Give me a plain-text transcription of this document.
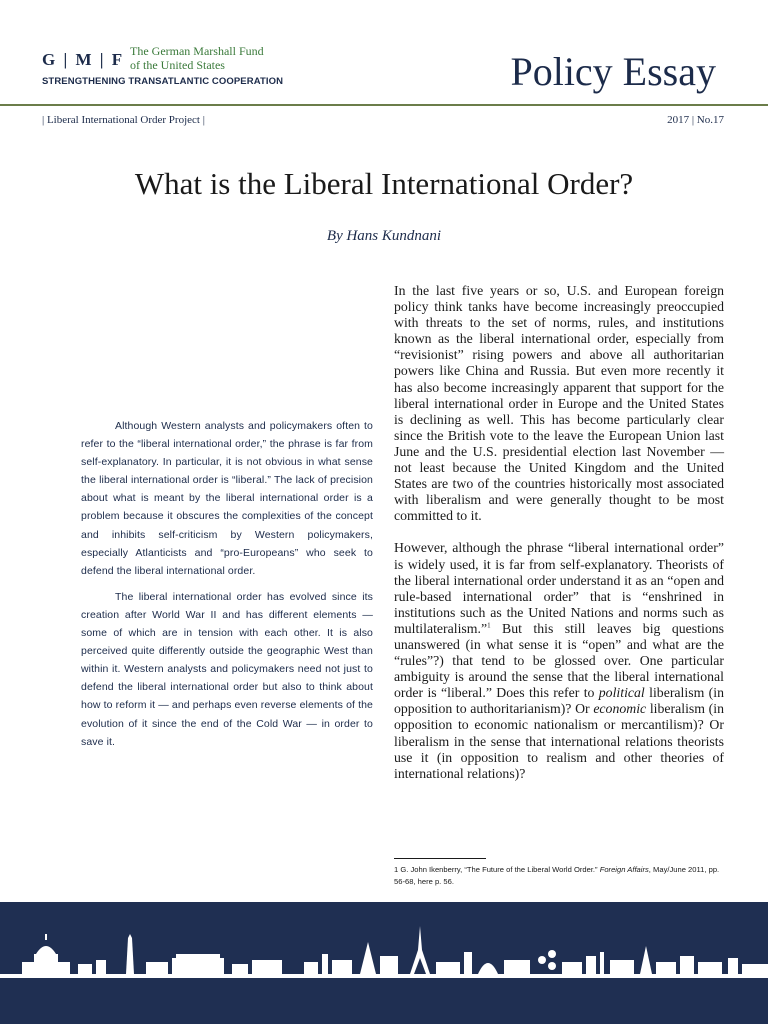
G | M | F The German Marshall Fund
of the United States
STRENGTHENING TRANSATLANTIC COOPERATION	Policy Essay
| Liberal International Order Project |	2017 | No.17
What is the Liberal International Order?
By Hans Kundnani

Although Western analysts and policymakers often to refer to the “liberal international order,” the phrase is far from self-explanatory. In particular, it is not obvious in what sense the liberal international order is “liberal.” The lack of precision about what is meant by the liberal international order is a problem because it obscures the complexities of the concept and inhibits self-criticism by Western policymakers, especially Atlanticists and “pro-Europeans” who seek to defend the liberal international order.

The liberal international order has evolved since its creation after World War II and has different elements — some of which are in tension with each other. It is also perceived quite differently outside the geographic West than within it. Western analysts and policymakers need not just to defend the liberal international order but also to think about how to reform it — and perhaps even reverse elements of the evolution of it since the end of the Cold War — in order to save it.

In the last five years or so, U.S. and European foreign policy think tanks have become increasingly preoccupied with threats to the set of norms, rules, and institutions known as the liberal international order, especially from “revisionist” rising powers and above all authoritarian powers like China and Russia. But even more recently it has also become increasingly apparent that support for the liberal international order in Europe and the United States is declining as well. This has become particularly clear since the British vote to the leave the European Union last June and the U.S. presidential election last November — not least because the United Kingdom and the United States are two of the countries historically most associated with liberalism and were generally thought to be most committed to it.

However, although the phrase “liberal international order” is widely used, it is far from self-explanatory. Theorists of the liberal international order understand it as an “open and rule-based international order” that is “enshrined in institutions such as the United Nations and norms such as multilateralism.”$^1$ But this still leaves big questions unanswered (in what sense it is “open” and what are the “rules”?) that tend to be glossed over. One particular ambiguity is around the sense that the liberal international order is “liberal.” Does this refer to political liberalism (in opposition to authoritarianism)? Or economic liberalism (in opposition to economic nationalism or mercantilism)? Or liberalism in the sense that international relations theorists use it (in opposition to realism and other theories of international relations)?

1 G. John Ikenberry, “The Future of the Liberal World Order.” Foreign Affairs, May/June 2011, pp. 56-68, here p. 56.
